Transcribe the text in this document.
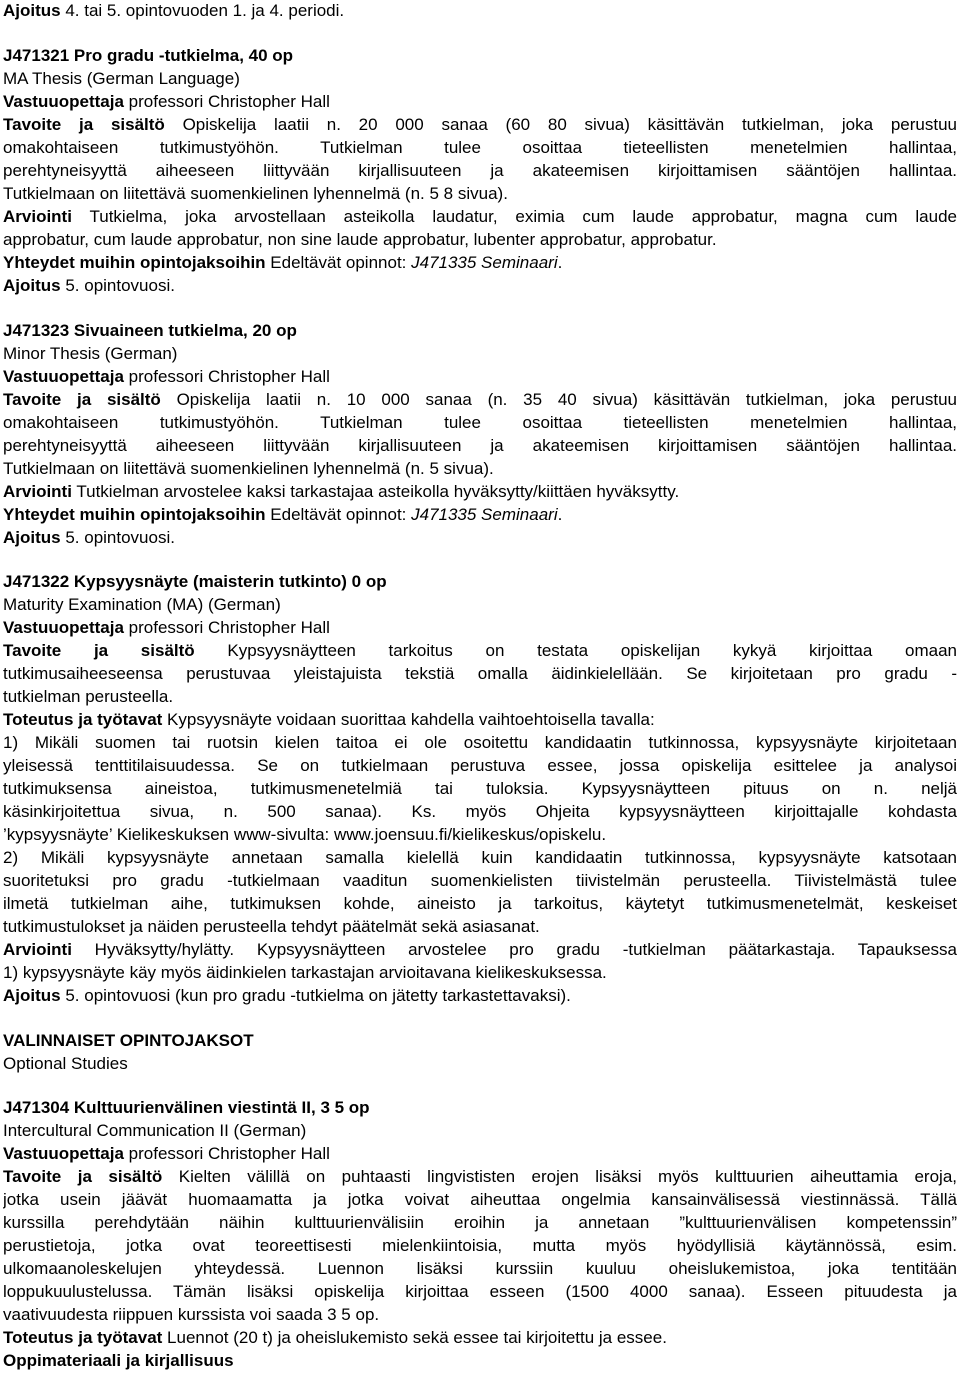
Ajoitus 4. tai 5. opintovuoden 1. ja 4. periodi.
J471321 Pro gradu -tutkielma, 40 op
MA Thesis (German Language)
Vastuuopettaja professori Christopher Hall
Tavoite ja sisältö Opiskelija laatii n. 20 000 sanaa (60 80 sivua) käsittävän tutkielman, joka perustuu
omakohtaiseen tutkimustyöhön. Tutkielman tulee osoittaa tieteellisten menetelmien hallintaa,
perehtyneisyyttä aiheeseen liittyvään kirjallisuuteen ja akateemisen kirjoittamisen sääntöjen hallintaa.
Tutkielmaan on liitettävä suomenkielinen lyhennelmä (n. 5 8 sivua).
Arviointi Tutkielma, joka arvostellaan asteikolla laudatur, eximia cum laude approbatur, magna cum laude
approbatur, cum laude approbatur, non sine laude approbatur, lubenter approbatur, approbatur.
Yhteydet muihin opintojaksoihin Edeltävät opinnot: J471335 Seminaari.
Ajoitus 5. opintovuosi.
J471323 Sivuaineen tutkielma, 20 op
Minor Thesis (German)
Vastuuopettaja professori Christopher Hall
Tavoite ja sisältö Opiskelija laatii n. 10 000 sanaa (n. 35 40 sivua) käsittävän tutkielman, joka perustuu
omakohtaiseen tutkimustyöhön. Tutkielman tulee osoittaa tieteellisten menetelmien hallintaa,
perehtyneisyyttä aiheeseen liittyvään kirjallisuuteen ja akateemisen kirjoittamisen sääntöjen hallintaa.
Tutkielmaan on liitettävä suomenkielinen lyhennelmä (n. 5 sivua).
Arviointi Tutkielman arvostelee kaksi tarkastajaa asteikolla hyväksytty/kiittäen hyväksytty.
Yhteydet muihin opintojaksoihin Edeltävät opinnot: J471335 Seminaari.
Ajoitus 5. opintovuosi.
J471322 Kypsyysnäyte (maisterin tutkinto) 0 op
Maturity Examination (MA) (German)
Vastuuopettaja professori Christopher Hall
Tavoite ja sisältö Kypsyysnäytteen tarkoitus on testata opiskelijan kykyä kirjoittaa omaan
tutkimusaiheeseensa perustuvaa yleistajuista tekstiä omalla äidinkielellään. Se kirjoitetaan pro gradu -
tutkielman perusteella.
Toteutus ja työtavat Kypsyysnäyte voidaan suorittaa kahdella vaihtoehtoisella tavalla:
1) Mikäli suomen tai ruotsin kielen taitoa ei ole osoitettu kandidaatin tutkinnossa, kypsyysnäyte kirjoitetaan
yleisessä tenttitilaisuudessa. Se on tutkielmaan perustuva essee, jossa opiskelija esittelee ja analysoi
tutkimuksensa aineistoa, tutkimusmenetelmiä tai tuloksia. Kypsyysnäytteen pituus on n. neljä
käsinkirjoitettua sivua, n. 500 sanaa). Ks. myös Ohjeita kypsyysnäytteen kirjoittajalle kohdasta
’kypsyysnäyte’ Kielikeskuksen www-sivulta: www.joensuu.fi/kielikeskus/opiskelu.
2) Mikäli kypsyysnäyte annetaan samalla kielellä kuin kandidaatin tutkinnossa, kypsyysnäyte katsotaan
suoritetuksi pro gradu -tutkielmaan vaaditun suomenkielisten tiivistelmän perusteella. Tiivistelmästä tulee
ilmetä tutkielman aihe, tutkimuksen kohde, aineisto ja tarkoitus, käytetyt tutkimusmenetelmät, keskeiset
tutkimustulokset ja näiden perusteella tehdyt päätelmät sekä asiasanat.
Arviointi Hyväksytty/hylätty. Kypsyysnäytteen arvostelee pro gradu -tutkielman päätarkastaja. Tapauksessa
1) kypsyysnäyte käy myös äidinkielen tarkastajan arvioitavana kielikeskuksessa.
Ajoitus 5. opintovuosi (kun pro gradu -tutkielma on jätetty tarkastettavaksi).
VALINNAISET OPINTOJAKSOT
Optional Studies
J471304 Kulttuurienvälinen viestintä II, 3 5 op
Intercultural Communication II (German)
Vastuuopettaja professori Christopher Hall
Tavoite ja sisältö Kielten välillä on puhtaasti lingvististen erojen lisäksi myös kulttuurien aiheuttamia eroja,
jotka usein jäävät huomaamatta ja jotka voivat aiheuttaa ongelmia kansainvälisessä viestinnässä. Tällä
kurssilla perehdytään näihin kulttuurienvälisiin eroihin ja annetaan ”kulttuurienvälisen kompetenssin”
perustietoja, jotka ovat teoreettisesti mielenkiintoisia, mutta myös hyödyllisiä käytännössä, esim.
ulkomaanoleskelujen yhteydessä. Luennon lisäksi kurssiin kuuluu oheislukemistoa, joka tentitään
loppukuulustelussa. Tämän lisäksi opiskelija kirjoittaa esseen (1500 4000 sanaa). Esseen pituudesta ja
vaativuudesta riippuen kurssista voi saada 3 5 op.
Toteutus ja työtavat Luennot (20 t) ja oheislukemisto sekä essee tai kirjoitettu ja essee.
Oppimateriaali ja kirjallisuus
